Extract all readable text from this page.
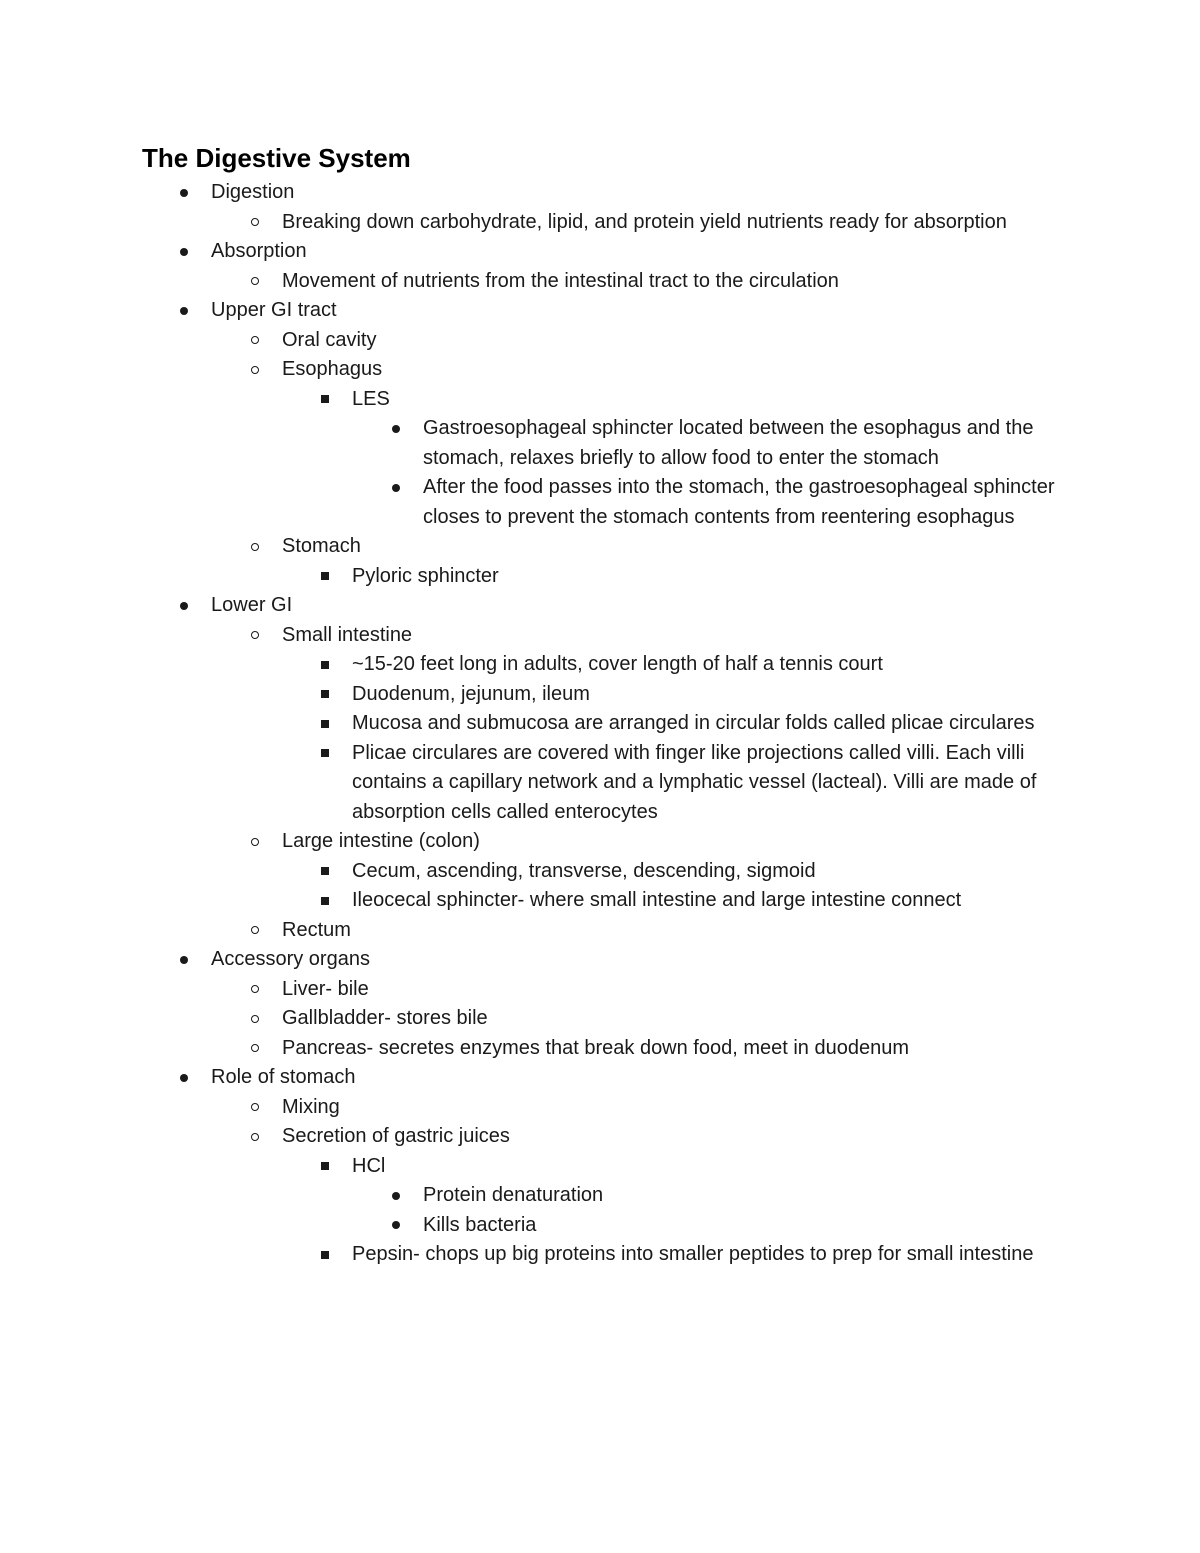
The Digestive System
Digestion
Breaking down carbohydrate, lipid, and protein yield nutrients ready for absorption
Absorption
Movement of nutrients from the intestinal tract to the circulation
Upper GI tract
Oral cavity
Esophagus
LES
Gastroesophageal sphincter located between the esophagus and the stomach, relaxes briefly to allow food to enter the stomach
After the food passes into the stomach, the gastroesophageal sphincter closes to prevent the stomach contents from reentering esophagus
Stomach
Pyloric sphincter
Lower GI
Small intestine
~15-20 feet long in adults, cover length of half a tennis court
Duodenum, jejunum, ileum
Mucosa and submucosa are arranged in circular folds called plicae circulares
Plicae circulares are covered with finger like projections called villi. Each villi contains a capillary network and a lymphatic vessel (lacteal). Villi are made of absorption cells called enterocytes
Large intestine (colon)
Cecum, ascending, transverse, descending, sigmoid
Ileocecal sphincter- where small intestine and large intestine connect
Rectum
Accessory organs
Liver- bile
Gallbladder- stores bile
Pancreas- secretes enzymes that break down food, meet in duodenum
Role of stomach
Mixing
Secretion of gastric juices
HCl
Protein denaturation
Kills bacteria
Pepsin- chops up big proteins into smaller peptides to prep for small intestine
